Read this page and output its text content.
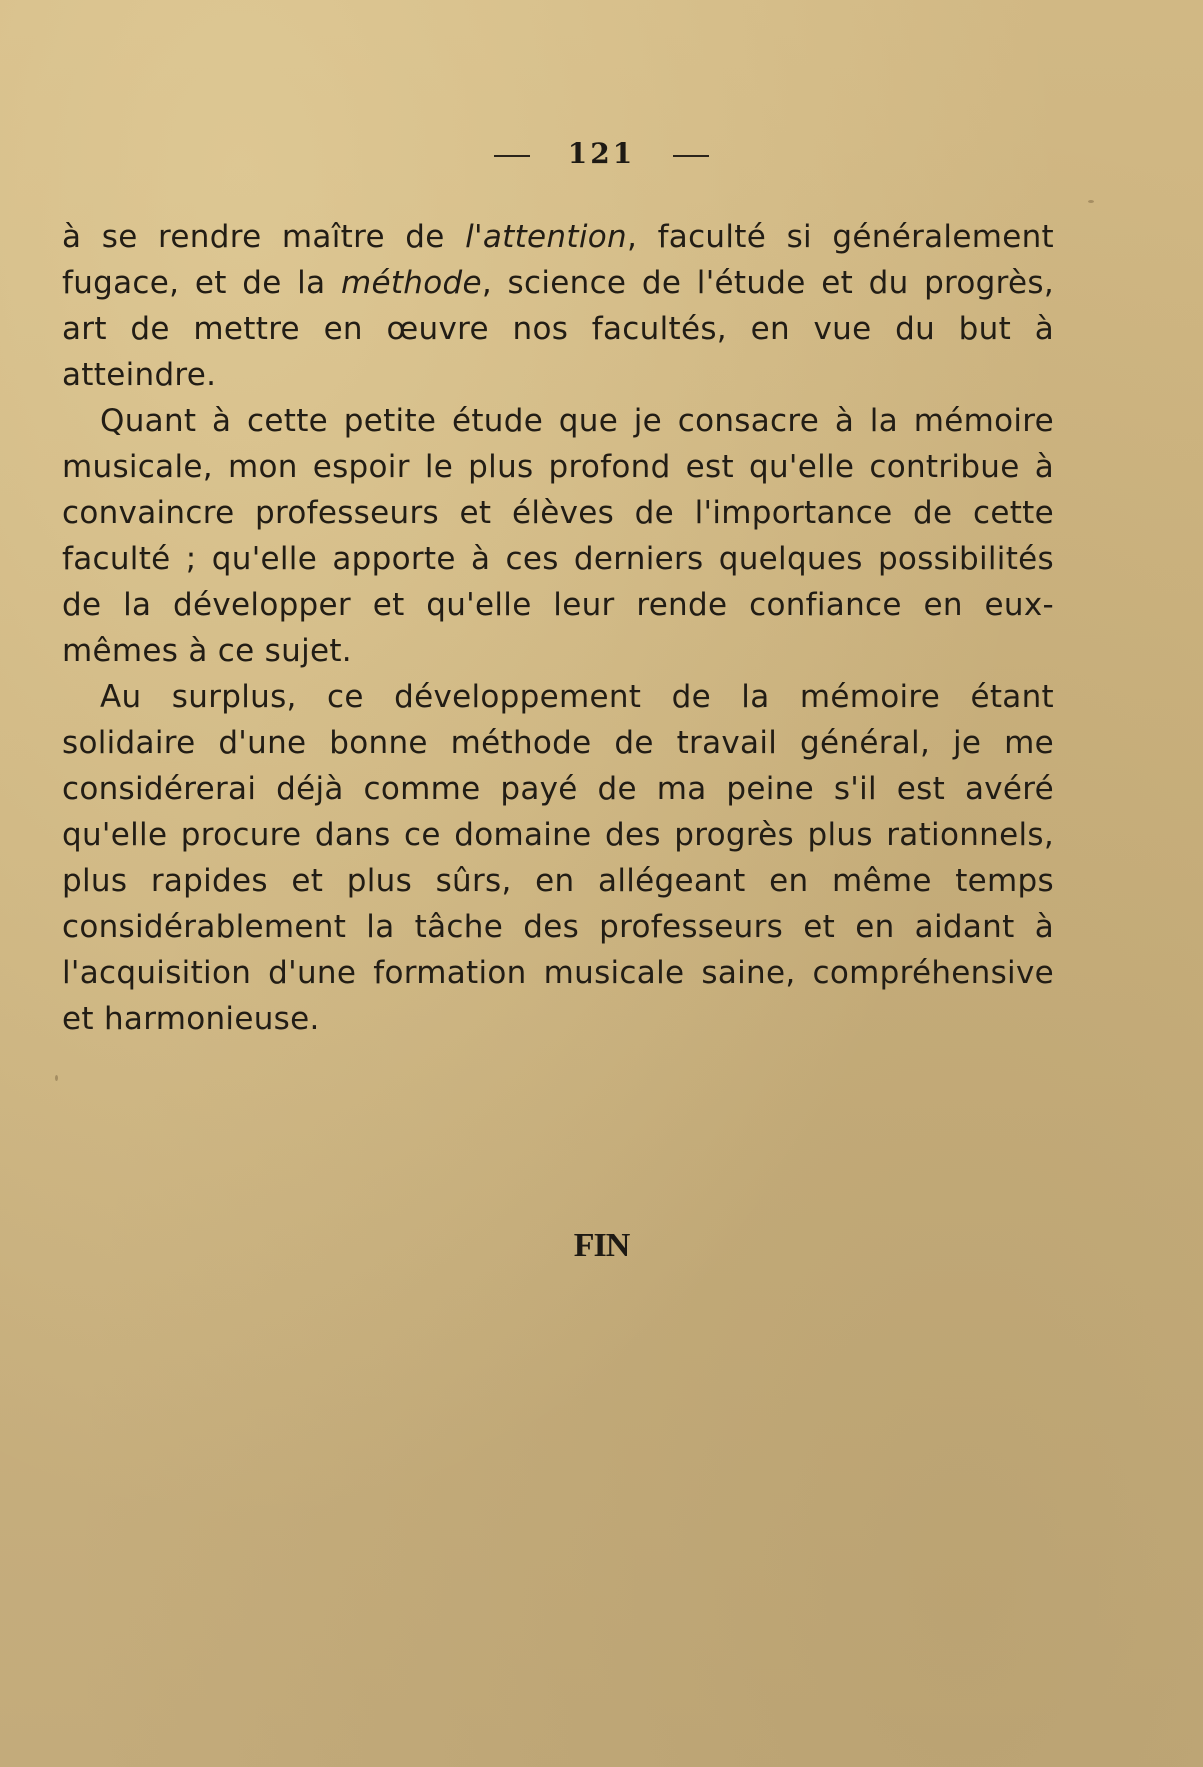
121

à se rendre maître de l'attention, faculté si généralement fugace, et de la méthode, science de l'étude et du progrès, art de mettre en œuvre nos facultés, en vue du but à atteindre.

Quant à cette petite étude que je consacre à la mémoire musicale, mon espoir le plus profond est qu'elle contribue à convaincre professeurs et élèves de l'importance de cette faculté ; qu'elle apporte à ces derniers quelques possibilités de la développer et qu'elle leur rende confiance en eux-mêmes à ce sujet.

Au surplus, ce développement de la mémoire étant solidaire d'une bonne méthode de travail général, je me considérerai déjà comme payé de ma peine s'il est avéré qu'elle procure dans ce domaine des progrès plus rationnels, plus rapides et plus sûrs, en allégeant en même temps considérablement la tâche des professeurs et en aidant à l'acquisition d'une formation musicale saine, compréhensive et harmonieuse.

FIN
